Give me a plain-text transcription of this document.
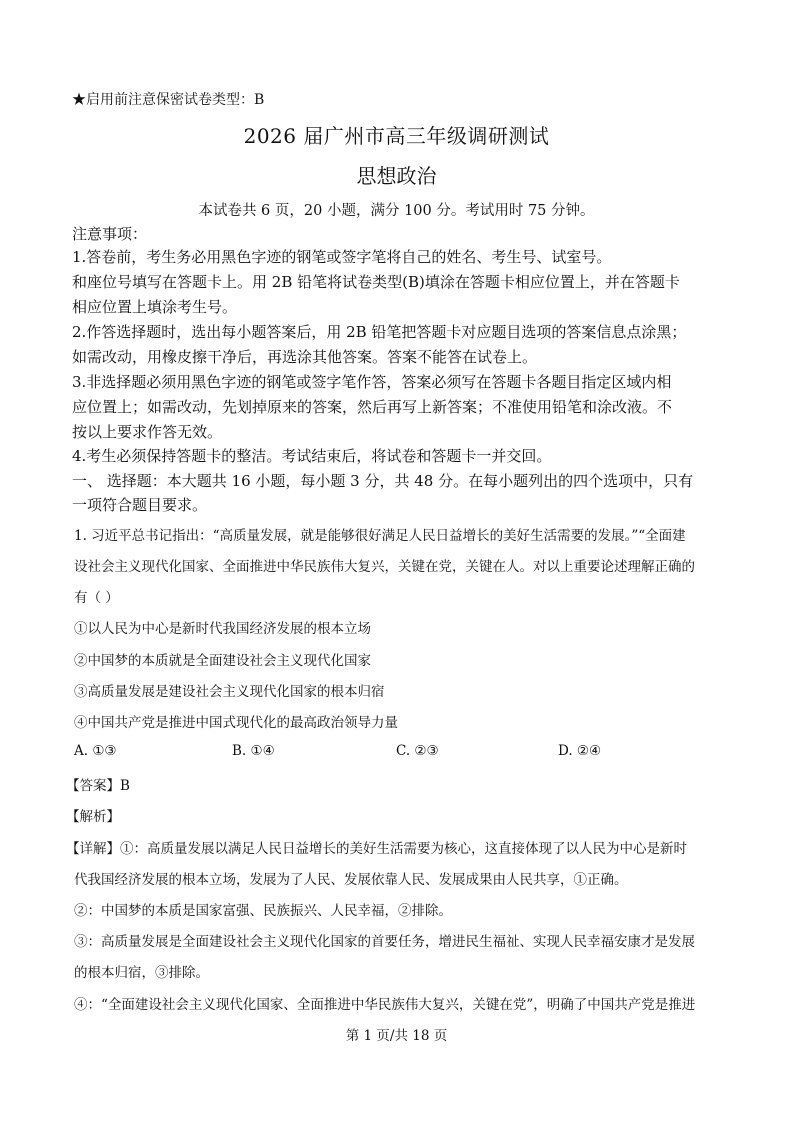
★启用前注意保密试卷类型：B
2026 届广州市高三年级调研测试
思想政治
本试卷共 6 页，20 小题，满分 100 分。考试用时 75 分钟。
注意事项：
1.答卷前，考生务必用黑色字迹的钢笔或签字笔将自己的姓名、考生号、试室号。
和座位号填写在答题卡上。用 2B 铅笔将试卷类型(B)填涂在答题卡相应位置上，并在答题卡
相应位置上填涂考生号。
2.作答选择题时，选出每小题答案后，用 2B 铅笔把答题卡对应题目选项的答案信息点涂黑；
如需改动，用橡皮擦干净后，再选涂其他答案。答案不能答在试卷上。
3.非选择题必须用黑色字迹的钢笔或签字笔作答，答案必须写在答题卡各题目指定区域内相
应位置上；如需改动，先划掉原来的答案，然后再写上新答案；不准使用铅笔和涂改液。不
按以上要求作答无效。
4.考生必须保持答题卡的整洁。考试结束后，将试卷和答题卡一并交回。
一、 选择题：本大题共 16 小题，每小题 3 分，共 48 分。在每小题列出的四个选项中，只有
一项符合题目要求。
1. 习近平总书记指出：“高质量发展，就是能够很好满足人民日益增长的美好生活需要的发展。”“全面建
设社会主义现代化国家、全面推进中华民族伟大复兴，关键在党，关键在人。对以上重要论述理解正确的
有（ ）
①以人民为中心是新时代我国经济发展的根本立场
②中国梦的本质就是全面建设社会主义现代化国家
③高质量发展是建设社会主义现代化国家的根本归宿
④中国共产党是推进中国式现代化的最高政治领导力量
A. ①③	B. ①④	C. ②③	D. ②④
【答案】B
【解析】
【详解】①：高质量发展以满足人民日益增长的美好生活需要为核心，这直接体现了以人民为中心是新时
代我国经济发展的根本立场，发展为了人民、发展依靠人民、发展成果由人民共享，①正确。
②：中国梦的本质是国家富强、民族振兴、人民幸福，②排除。
③：高质量发展是全面建设社会主义现代化国家的首要任务，增进民生福祉、实现人民幸福安康才是发展
的根本归宿，③排除。
④：“全面建设社会主义现代化国家、全面推进中华民族伟大复兴，关键在党”，明确了中国共产党是推进
第 1 页/共 18 页
